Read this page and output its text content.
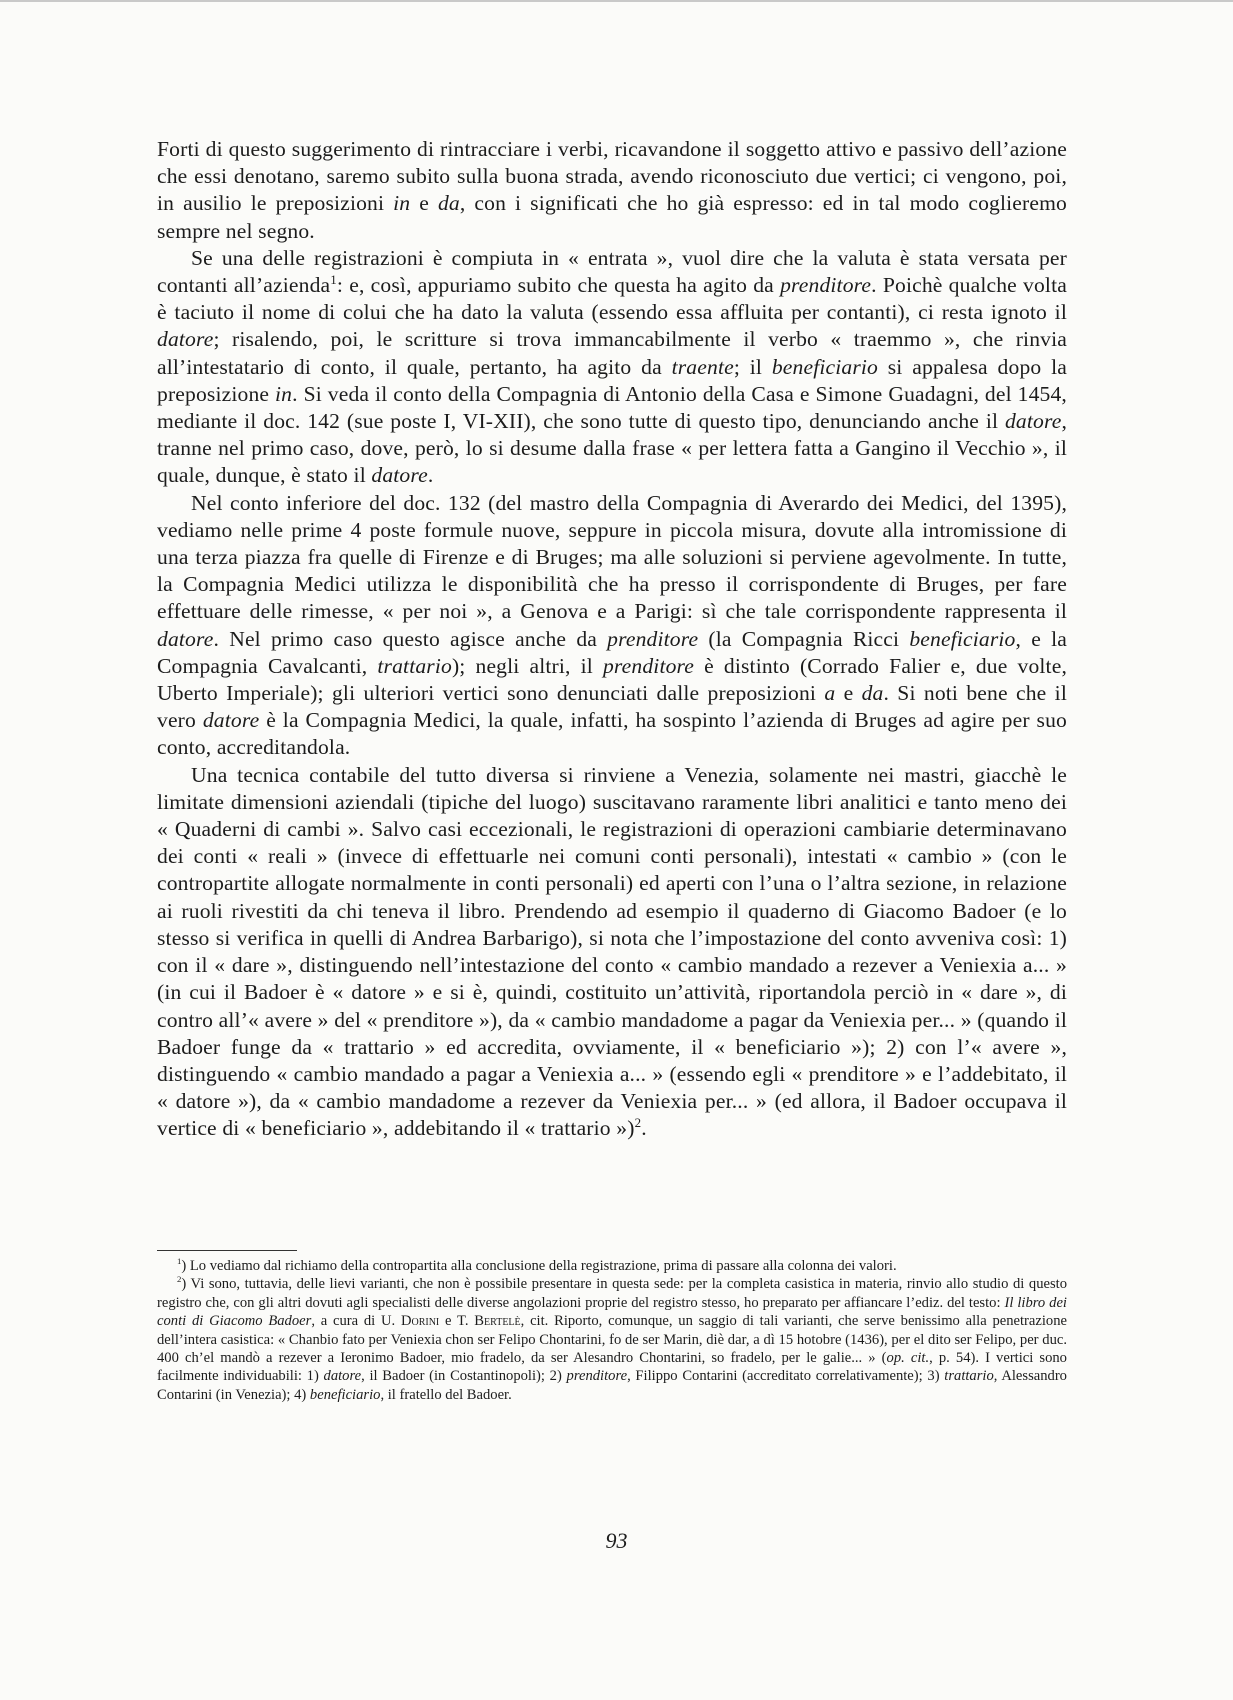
Forti di questo suggerimento di rintracciare i verbi, ricavandone il soggetto attivo e passivo dell’azione che essi denotano, saremo subito sulla buona strada, avendo riconosciuto due vertici; ci vengono, poi, in ausilio le preposizioni in e da, con i significati che ho già espresso: ed in tal modo coglieremo sempre nel segno.

Se una delle registrazioni è compiuta in « entrata », vuol dire che la valuta è stata versata per contanti all’azienda$^1$: e, così, appuriamo subito che questa ha agito da prenditore. Poichè qualche volta è taciuto il nome di colui che ha dato la valuta (essendo essa affluita per contanti), ci resta ignoto il datore; risalendo, poi, le scritture si trova immancabilmente il verbo « traemmo », che rinvia all’intestatario di conto, il quale, pertanto, ha agito da traente; il beneficiario si appalesa dopo la preposizione in. Si veda il conto della Compagnia di Antonio della Casa e Simone Guadagni, del 1454, mediante il doc. 142 (sue poste I, VI-XII), che sono tutte di questo tipo, denunciando anche il datore, tranne nel primo caso, dove, però, lo si desume dalla frase « per lettera fatta a Gangino il Vecchio », il quale, dunque, è stato il datore.

Nel conto inferiore del doc. 132 (del mastro della Compagnia di Averardo dei Medici, del 1395), vediamo nelle prime 4 poste formule nuove, seppure in piccola misura, dovute alla intromissione di una terza piazza fra quelle di Firenze e di Bruges; ma alle soluzioni si perviene agevolmente. In tutte, la Compagnia Medici utilizza le disponibilità che ha presso il corrispondente di Bruges, per fare effettuare delle rimesse, « per noi », a Genova e a Parigi: sì che tale corrispondente rappresenta il datore. Nel primo caso questo agisce anche da prenditore (la Compagnia Ricci beneficiario, e la Compagnia Cavalcanti, trattario); negli altri, il prenditore è distinto (Corrado Falier e, due volte, Uberto Imperiale); gli ulteriori vertici sono denunciati dalle preposizioni a e da. Si noti bene che il vero datore è la Compagnia Medici, la quale, infatti, ha sospinto l’azienda di Bruges ad agire per suo conto, accreditandola.

Una tecnica contabile del tutto diversa si rinviene a Venezia, solamente nei mastri, giacchè le limitate dimensioni aziendali (tipiche del luogo) suscitavano raramente libri analitici e tanto meno dei « Quaderni di cambi ». Salvo casi eccezionali, le registrazioni di operazioni cambiarie determinavano dei conti « reali » (invece di effettuarle nei comuni conti personali), intestati « cambio » (con le contropartite allogate normalmente in conti personali) ed aperti con l’una o l’altra sezione, in relazione ai ruoli rivestiti da chi teneva il libro. Prendendo ad esempio il quaderno di Giacomo Badoer (e lo stesso si verifica in quelli di Andrea Barbarigo), si nota che l’impostazione del conto avveniva così: 1) con il « dare », distinguendo nell’intestazione del conto « cambio mandado a rezever a Veniexia a... » (in cui il Badoer è « datore » e si è, quindi, costituito un’attività, riportandola perciò in « dare », di contro all’« avere » del « prenditore »), da « cambio mandadome a pagar da Veniexia per... » (quando il Badoer funge da « trattario » ed accredita, ovviamente, il « beneficiario »); 2) con l’« avere », distinguendo « cambio mandado a pagar a Veniexia a... » (essendo egli « prenditore » e l’addebitato, il « datore »), da « cambio mandadome a rezever da Veniexia per... » (ed allora, il Badoer occupava il vertice di « beneficiario », addebitando il « trattario »)$^2$.

$^1$) Lo vediamo dal richiamo della contropartita alla conclusione della registrazione, prima di passare alla colonna dei valori.

$^2$) Vi sono, tuttavia, delle lievi varianti, che non è possibile presentare in questa sede: per la completa casistica in materia, rinvio allo studio di questo registro che, con gli altri dovuti agli specialisti delle diverse angolazioni proprie del registro stesso, ho preparato per affiancare l’ediz. del testo: Il libro dei conti di Giacomo Badoer, a cura di U. Dorini e T. Bertelè, cit. Riporto, comunque, un saggio di tali varianti, che serve benissimo alla penetrazione dell’intera casistica: « Chanbio fato per Veniexia chon ser Felipo Chontarini, fo de ser Marin, diè dar, a dì 15 hotobre (1436), per el dito ser Felipo, per duc. 400 ch’el mandò a rezever a Ieronimo Badoer, mio fradelo, da ser Alesandro Chontarini, so fradelo, per le galie... » (op. cit., p. 54). I vertici sono facilmente individuabili: 1) datore, il Badoer (in Costantinopoli); 2) prenditore, Filippo Contarini (accreditato correlativamente); 3) trattario, Alessandro Contarini (in Venezia); 4) beneficiario, il fratello del Badoer.

93
